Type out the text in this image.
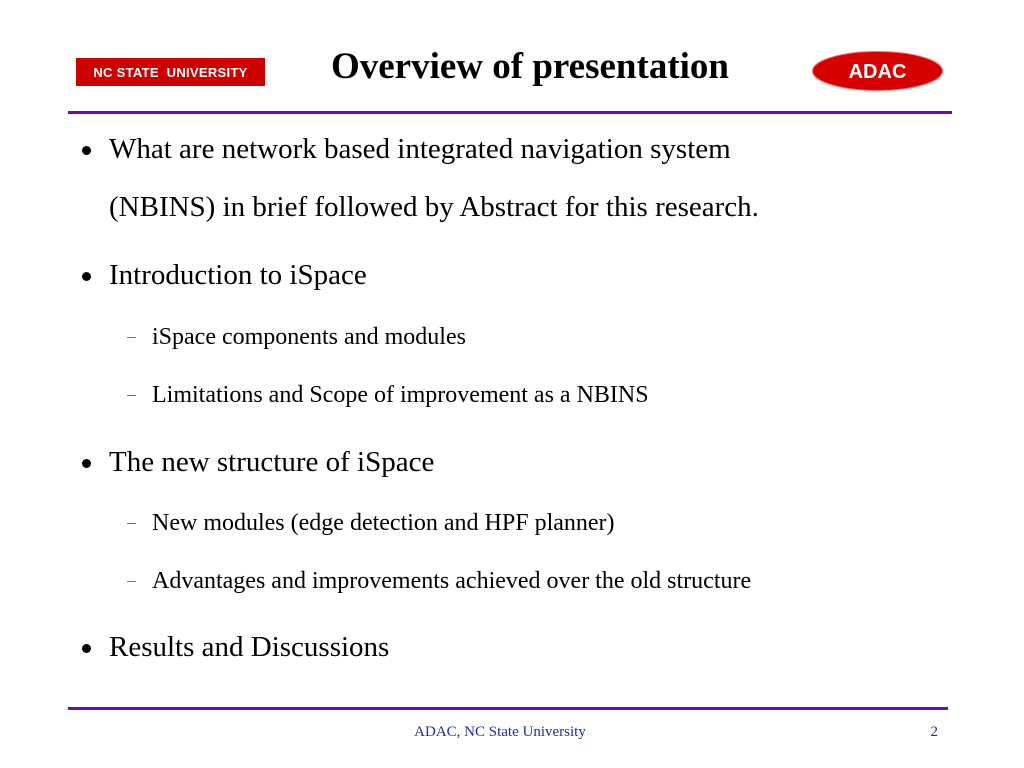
NC STATE  UNIVERSITY	Overview of presentation	ADAC
What are network based integrated navigation system
(NBINS) in brief followed by Abstract for this research.
Introduction to iSpace
iSpace components and modules
Limitations and Scope of improvement as a NBINS
The new structure of iSpace
New modules (edge detection and HPF planner)
Advantages and improvements achieved over the old structure
Results and Discussions
ADAC, NC State University	2
